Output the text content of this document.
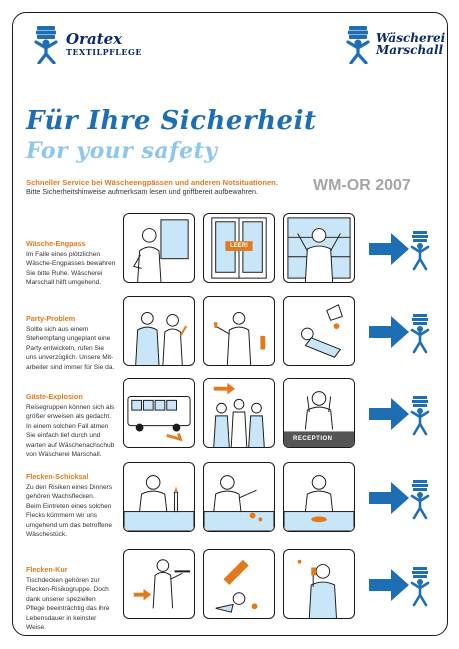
Oratex
TEXTILPFLEGE
Wäscherei
Marschall
Für Ihre Sicherheit
For your safety
Schneller Service bei Wäscheengpässen und anderen Notsituationen.
Bitte Sicherheitshinweise aufmerksam lesen und griffbereit aufbewahren.	WM-OR 2007
Wäsche-Engpass
Im Falle eines plötzlichen
Wäsche-Engpasses bewahren
Sie bitte Ruhe. Wäscherei
Marschall hilft umgehend.
LEER!
Party-Problem
Sollte sich aus einem
Stehempfang ungeplant eine
Party entwickeln, rufen Sie
uns unverzüglich. Unsere Mit-
arbeiter sind immer für Sie da.
Gäste-Explosion
Reisegruppen können sich als
größer erweisen als gedacht.
In einem solchen Fall atmen
Sie einfach tief durch und
warten auf Wäschenachschub
von Wäscherei Marschall.
RECEPTION
Flecken-Schicksal
Zu den Risiken eines Dinners
gehören Wachsflecken.
Beim Eintreten eines solchen
Flecks kümmern wir uns
umgehend um das betroffene
Wäschestück.
Flecken-Kur
Tischdecken gehören zur
Flecken-Risikogruppe. Doch
dank unserer speziellen
Pflege beeinträchtig das ihre
Lebensdauer in keinster Weise.
